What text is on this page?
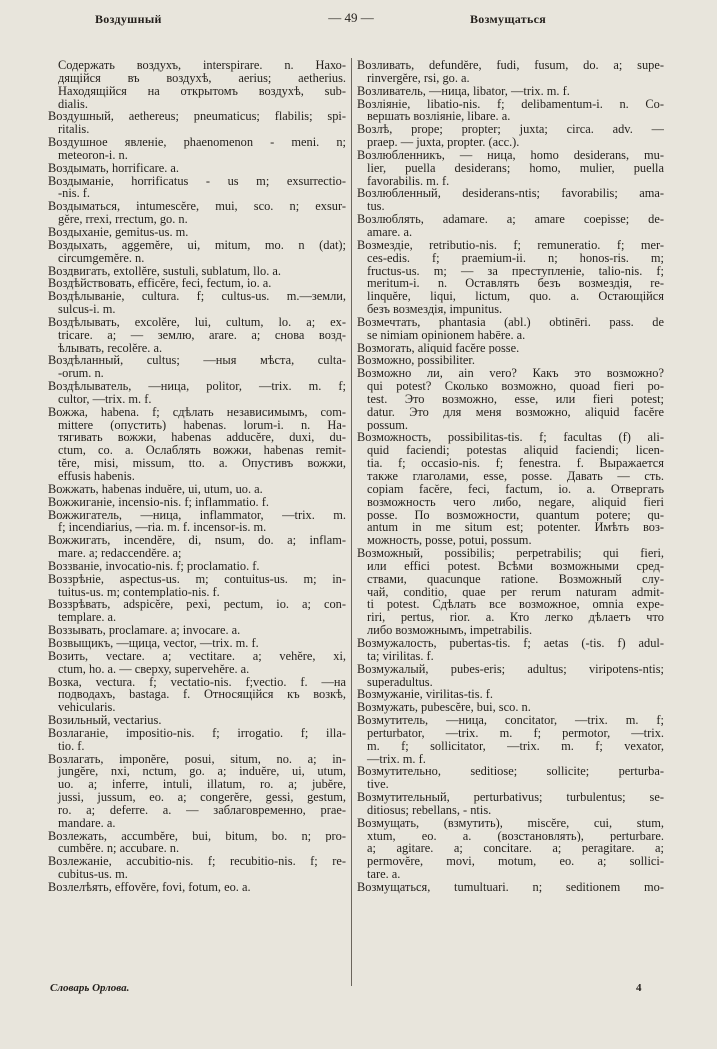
Воздушный	— 49 —	Возмущаться
Содержать воздухъ, interspirare. n. Нахо-
дящійся въ воздухѣ, aerius; aetherius.
Находящійся на открытомъ воздухѣ, sub-
dialis.
Воздушный, aethereus; pneumaticus; flabilis; spi-
ritalis.
Воздушное явленіе, phaenomenon - meni. n;
meteoron-i. n.
Воздымать, horrificare. a.
Воздыманіе, horrificatus - us m; exsurrectio-
-nis. f.
Воздыматься, intumescĕre, mui, sco. n; exsur-
gĕre, rrexi, rrectum, go. n.
Воздыханіе, gemitus-us. m.
Воздыхать, aggemĕre, ui, mitum, mo. n (dat);
circumgemĕre. n.
Воздвигать, extollĕre, sustuli, sublatum, llo. a.
Воздѣйствовать, efficĕre, feci, fectum, io. a.
Воздѣлываніе, cultura. f; cultus-us. m.—земли,
sulcus-i. m.
Воздѣлывать, excolĕre, lui, cultum, lo. a; ex-
tricare. a; — землю, arare. a; снова возд-
ѣлывать, recolĕre. a.
Воздѣланный, cultus; —ныя мѣста, culta-
-orum. n.
Воздѣлыватель, —ница, politor, —trix. m. f;
cultor, —trix. m. f.
Вожжа, habena. f; сдѣлать независимымъ, com-
mittere (опустить) habenas. lorum-i. n. На-
тягивать вожжи, habenas adducĕre, duxi, du-
ctum, co. a. Ослаблять вожжи, habenas remit-
tĕre, misi, missum, tto. a. Опустивъ вожжи,
effusis habenis.
Вожжать, habenas induĕre, ui, utum, uo. a.
Вожжиганіе, incensio-nis. f; inflammatio. f.
Вожжигатель, —ница, inflammator, —trix. m.
f; incendiarius, —ria. m. f. incensor-is. m.
Вожжигать, incendĕre, di, nsum, do. a; inflam-
mare. a; redaccendĕre. a;
Воззваніе, invocatio-nis. f; proclamatio. f.
Воззрѣніе, aspectus-us. m; contuitus-us. m; in-
tuitus-us. m; contemplatio-nis. f.
Воззрѣвать, adspicĕre, pexi, pectum, io. a; con-
templare. a.
Воззывать, proclamare. a; invocare. a.
Возвыщикъ, —щица, vector, —trix. m. f.
Возить, vectare. a; vectitare. a; vehĕre, xi,
ctum, ho. a. — сверху, supervehĕre. a.
Возка, vectura. f; vectatio-nis. f;vectio. f. —на
подводахъ, bastaga. f. Относящійся къ возкѣ,
vehicularis.
Возильный, vectarius.
Возлаганіе, impositio-nis. f; irrogatio. f; illa-
tio. f.
Возлагать, imponĕre, posui, situm, no. a; in-
jungĕre, nxi, nctum, go. a; induĕre, ui, utum,
uo. a; inferre, intuli, illatum, ro. a; jubĕre,
jussi, jussum, eo. a; congerĕre, gessi, gestum,
ro. a; deferre. a. — заблаговременно, prae-
mandare. a.
Возлежать, accumbĕre, bui, bitum, bo. n; pro-
cumbĕre. n; accubare. n.
Возлежаніе, accubitio-nis. f; recubitio-nis. f; re-
cubitus-us. m.
Возлелѣять, effovĕre, fovi, fotum, eo. a.
Возливать, defundĕre, fudi, fusum, do. a; supe-
rinvergĕre, rsi, go. a.
Возливатель, —ница, libator, —trix. m. f.
Возліяніе, libatio-nis. f; delibamentum-i. n. Со-
вершать возліяніе, libare. a.
Возлѣ, prope; propter; juxta; circa. adv. —
praep. — juxta, propter. (acc.).
Возлюбленникъ, — ница, homo desiderans, mu-
lier, puella desiderans; homo, mulier, puella
favorabilis. m. f.
Возлюбленный, desiderans-ntis; favorabilis; ama-
tus.
Возлюблять, adamare. a; amare coepisse; de-
amare. a.
Возмездіе, retributio-nis. f; remuneratio. f; mer-
ces-edis. f; praemium-ii. n; honos-ris. m;
fructus-us. m; — за преступленіе, talio-nis. f;
meritum-i. n. Оставлять безъ возмездія, re-
linquĕre, liqui, lictum, quo. a. Остающійся
безъ возмездія, impunitus.
Возмечтать, phantasia (abl.) obtinēri. pass. de
se nimiam opinionem habēre. a.
Возмогать, aliquid facĕre posse.
Возможно, possibiliter.
Возможно ли, ain vero? Какъ это возможно?
qui potest? Сколько возможно, quoad fieri po-
test. Это возможно, esse, или fieri potest;
datur. Это для меня возможно, aliquid facĕre
possum.
Возможность, possibilitas-tis. f; facultas (f) ali-
quid faciendi; potestas aliquid faciendi; licen-
tia. f; occasio-nis. f; fenestra. f. Выражается
также глаголами, esse, posse. Давать — сть.
copiam facĕre, feci, factum, io. a. Отвергать
возможность чего либо, negare, aliquid fieri
posse. По возможности, quantum potere; qu-
antum in me situm est; potenter. Имѣть воз-
можность, posse, potui, possum.
Возможный, possibilis; perpetrabilis; qui fieri,
или effici potest. Всѣми возможными сред-
ствами, quacunque ratione. Возможный слу-
чай, conditio, quae per rerum naturam admit-
ti potest. Сдѣлать все возможное, omnia expe-
riri, pertus, rior. a. Кто легко дѣлаетъ что
либо возможнымъ, impetrabilis.
Возмужалость, pubertas-tis. f; aetas (-tis. f) adul-
ta; virilitas. f.
Возмужалый, pubes-eris; adultus; viripotens-ntis;
superadultus.
Возмужаніе, virilitas-tis. f.
Возмужать, pubescĕre, bui, sco. n.
Возмутитель, —ница, concitator, —trix. m. f;
perturbator, —trix. m. f; permotor, —trix.
m. f; sollicitator, —trix. m. f; vexator,
—trix. m. f.
Возмутительно, seditiose; sollicite; perturba-
tive.
Возмутительный, perturbativus; turbulentus; se-
ditiosus; rebellans, - ntis.
Возмущать, (взмутить), miscĕre, cui, stum,
xtum, eo. a. (возстановлять), perturbare.
a; agitare. a; concitare. a; peragitare. a;
permovĕre, movi, motum, eo. a; sollici-
tare. a.
Возмущаться, tumultuari. n; seditionem mo-
Словарь Орлова.	4
